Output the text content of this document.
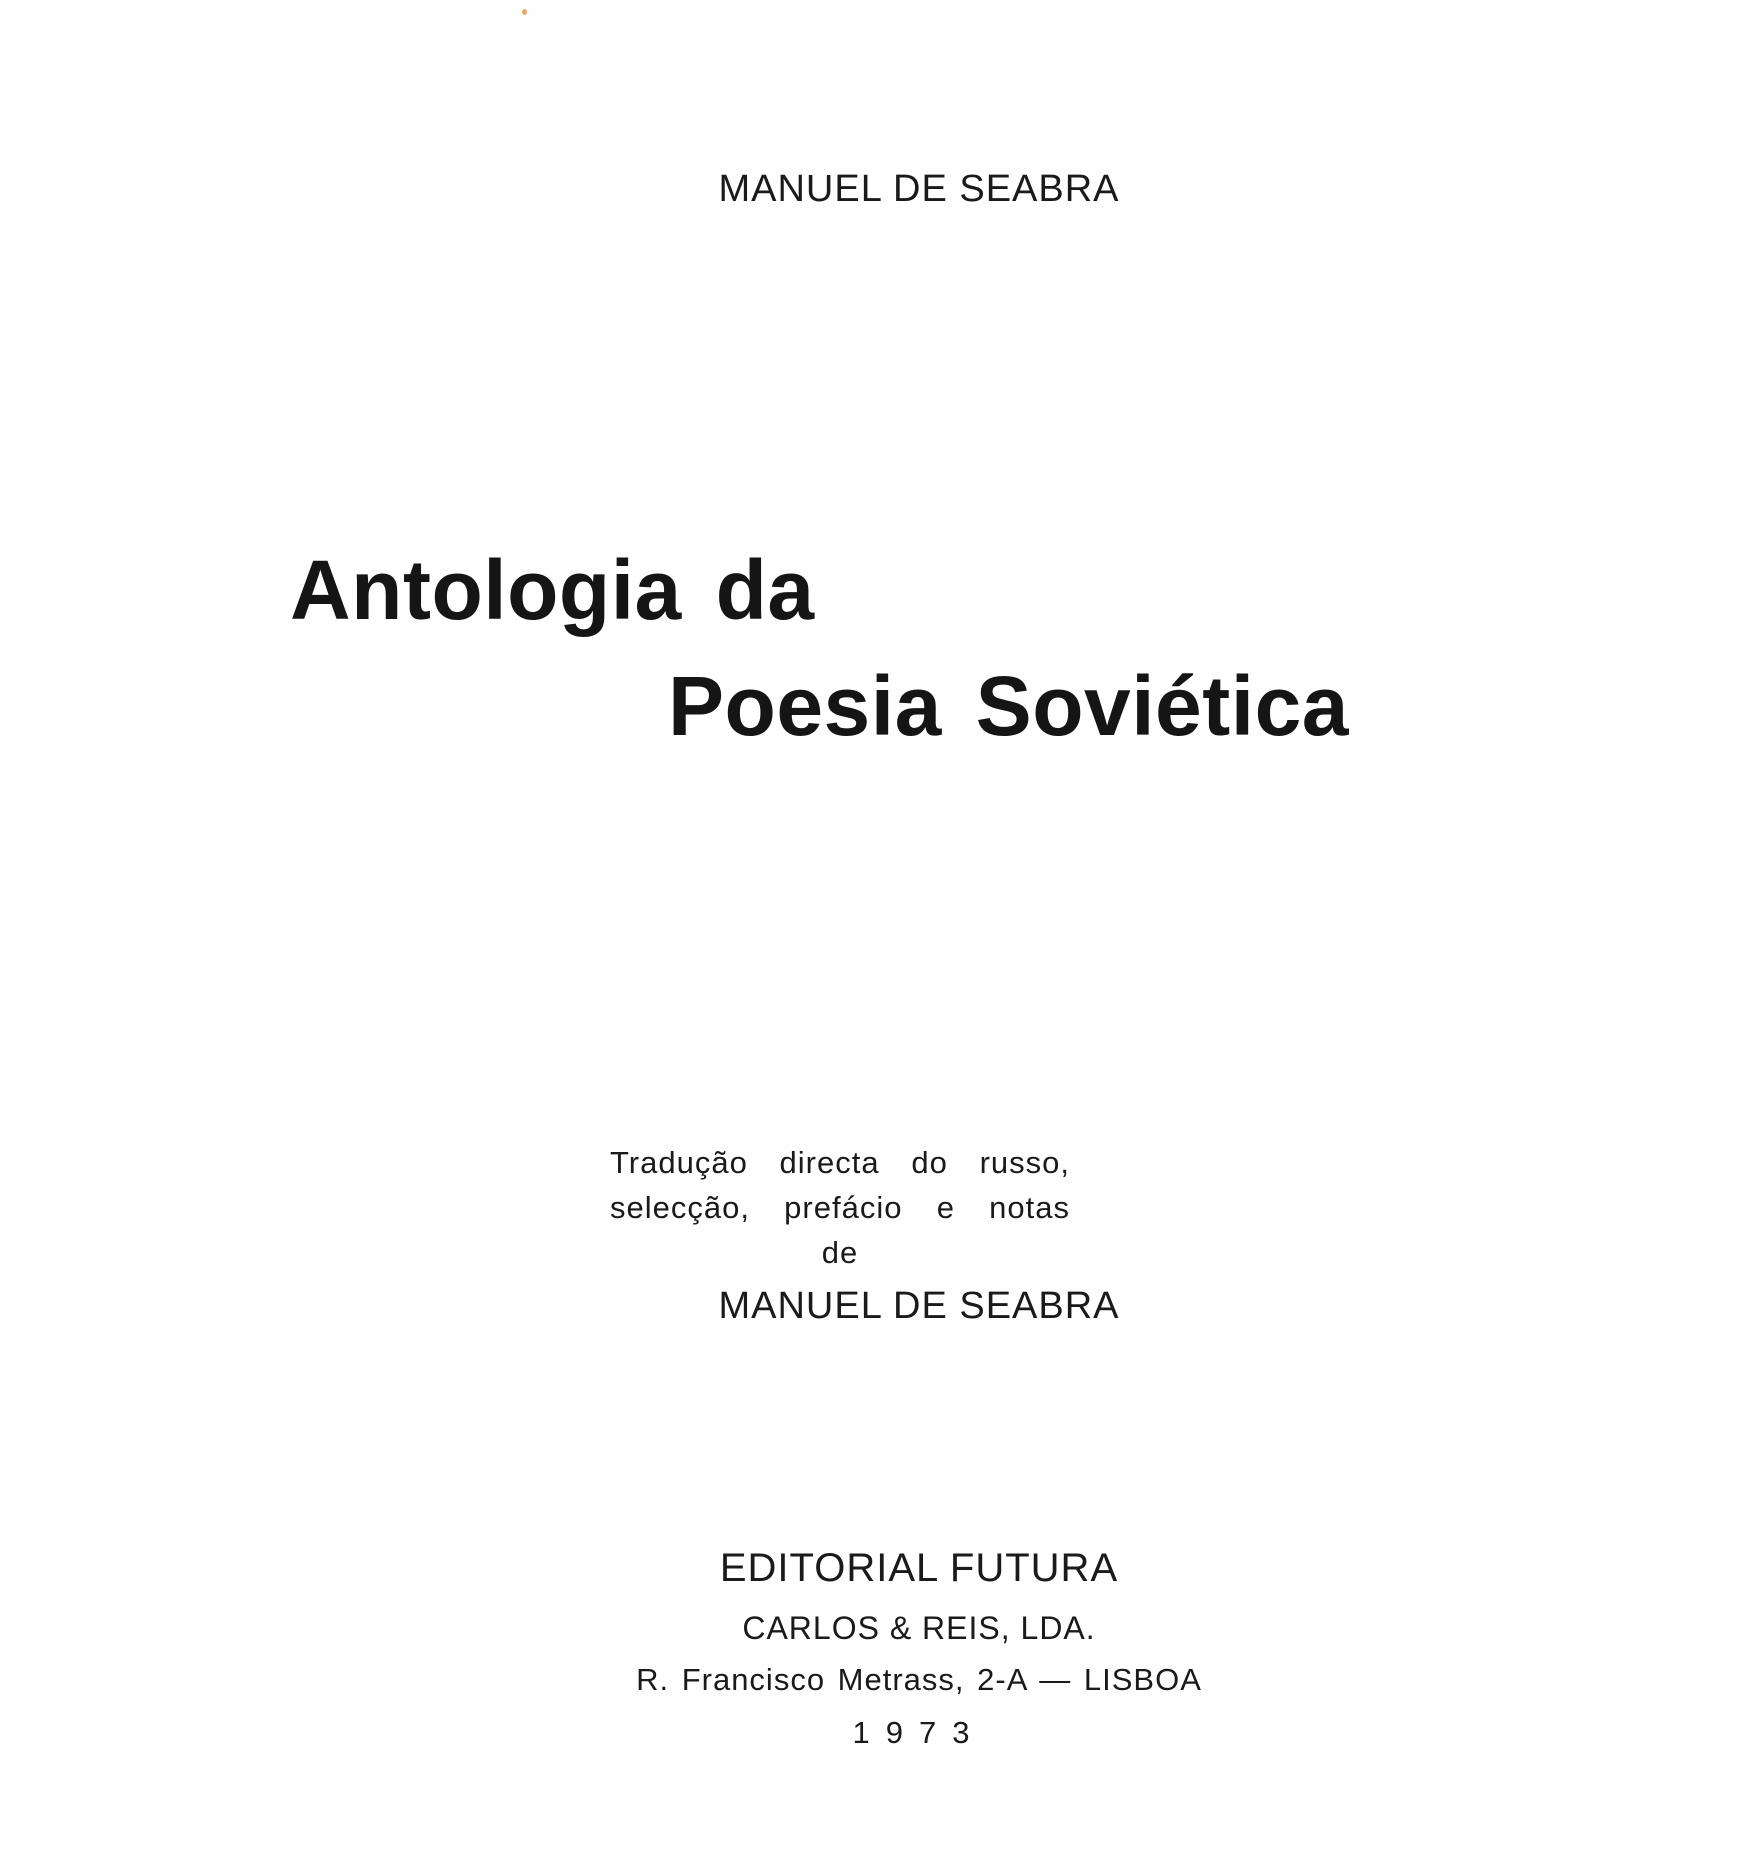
MANUEL DE SEABRA
Antologia da
Poesia Soviética
Tradução directa do russo,
selecção, prefácio e notas
de
MANUEL DE SEABRA
EDITORIAL FUTURA
CARLOS & REIS, LDA.
R. Francisco Metrass, 2-A — LISBOA
1973
